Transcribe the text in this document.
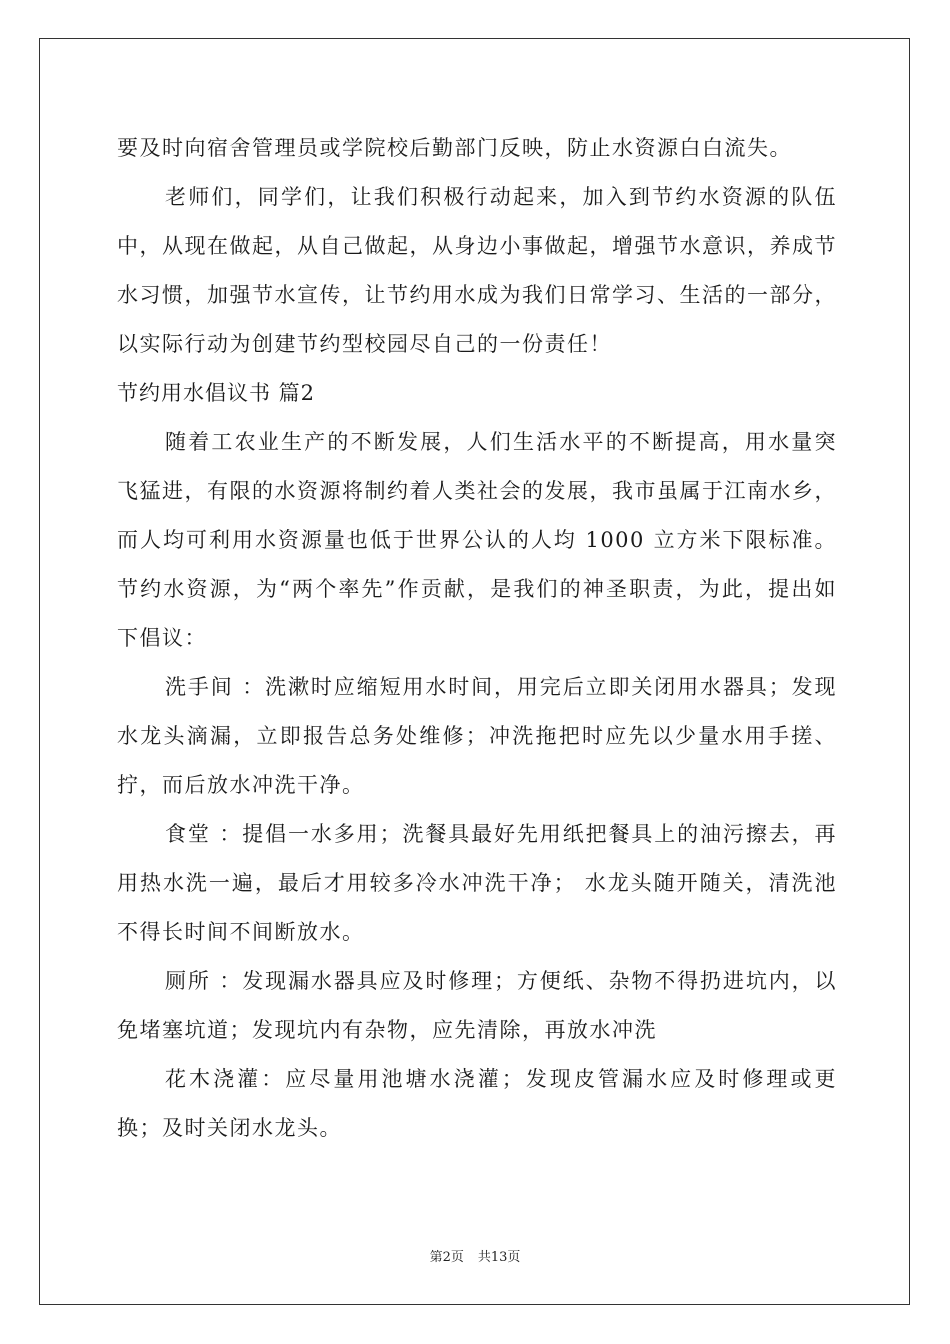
要及时向宿舍管理员或学院校后勤部门反映，防止水资源白白流失。

老师们，同学们，让我们积极行动起来，加入到节约水资源的队伍中，从现在做起，从自己做起，从身边小事做起，增强节水意识，养成节水习惯，加强节水宣传，让节约用水成为我们日常学习、生活的一部分，以实际行动为创建节约型校园尽自己的一份责任！

节约用水倡议书 篇2

随着工农业生产的不断发展，人们生活水平的不断提高，用水量突飞猛进，有限的水资源将制约着人类社会的发展，我市虽属于江南水乡，而人均可利用水资源量也低于世界公认的人均 1000 立方米下限标准。节约水资源，为“两个率先”作贡献，是我们的神圣职责，为此，提出如下倡议：

洗手间 ：洗漱时应缩短用水时间，用完后立即关闭用水器具；发现水龙头滴漏，立即报告总务处维修；冲洗拖把时应先以少量水用手搓、拧，而后放水冲洗干净。

食堂 ：提倡一水多用；洗餐具最好先用纸把餐具上的油污擦去，再用热水洗一遍，最后才用较多冷水冲洗干净； 水龙头随开随关，清洗池不得长时间不间断放水。

厕所 ：发现漏水器具应及时修理；方便纸、杂物不得扔进坑内，以免堵塞坑道；发现坑内有杂物，应先清除，再放水冲洗

花木浇灌：应尽量用池塘水浇灌；发现皮管漏水应及时修理或更换；及时关闭水龙头。

第2页 共13页
